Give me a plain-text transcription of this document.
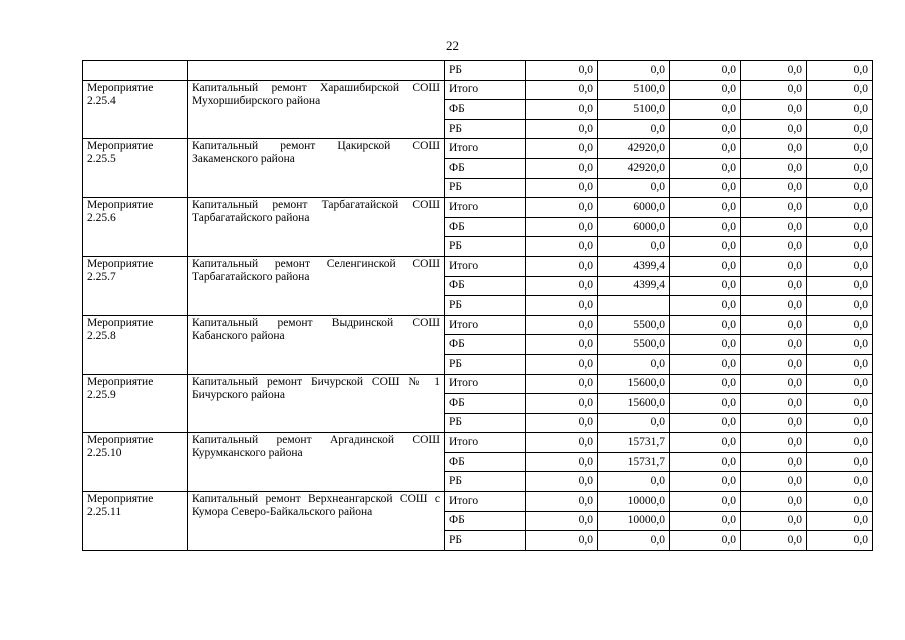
22
		РБ	0,0	0,0	0,0	0,0	0,0
Мероприятие 2.25.4	Капитальный ремонт Харашибирской СОШ Мухоршибирского района	Итого	0,0	5100,0	0,0	0,0	0,0
		ФБ	0,0	5100,0	0,0	0,0	0,0
		РБ	0,0	0,0	0,0	0,0	0,0
Мероприятие 2.25.5	Капитальный ремонт Цакирской СОШ Закаменского района	Итого	0,0	42920,0	0,0	0,0	0,0
		ФБ	0,0	42920,0	0,0	0,0	0,0
		РБ	0,0	0,0	0,0	0,0	0,0
Мероприятие 2.25.6	Капитальный ремонт Тарбагатайской СОШ Тарбагатайского района	Итого	0,0	6000,0	0,0	0,0	0,0
		ФБ	0,0	6000,0	0,0	0,0	0,0
		РБ	0,0	0,0	0,0	0,0	0,0
Мероприятие 2.25.7	Капитальный ремонт Селенгинской СОШ Тарбагатайского района	Итого	0,0	4399,4	0,0	0,0	0,0
		ФБ	0,0	4399,4	0,0	0,0	0,0
		РБ	0,0		0,0	0,0	0,0
Мероприятие 2.25.8	Капитальный ремонт Выдринской СОШ Кабанского района	Итого	0,0	5500,0	0,0	0,0	0,0
		ФБ	0,0	5500,0	0,0	0,0	0,0
		РБ	0,0	0,0	0,0	0,0	0,0
Мероприятие 2.25.9	Капитальный ремонт Бичурской СОШ № 1 Бичурского района	Итого	0,0	15600,0	0,0	0,0	0,0
		ФБ	0,0	15600,0	0,0	0,0	0,0
		РБ	0,0	0,0	0,0	0,0	0,0
Мероприятие 2.25.10	Капитальный ремонт Аргадинской СОШ Курумканского района	Итого	0,0	15731,7	0,0	0,0	0,0
		ФБ	0,0	15731,7	0,0	0,0	0,0
		РБ	0,0	0,0	0,0	0,0	0,0
Мероприятие 2.25.11	Капитальный ремонт Верхнеангарской СОШ с Кумора Северо-Байкальского района	Итого	0,0	10000,0	0,0	0,0	0,0
		ФБ	0,0	10000,0	0,0	0,0	0,0
		РБ	0,0	0,0	0,0	0,0	0,0
